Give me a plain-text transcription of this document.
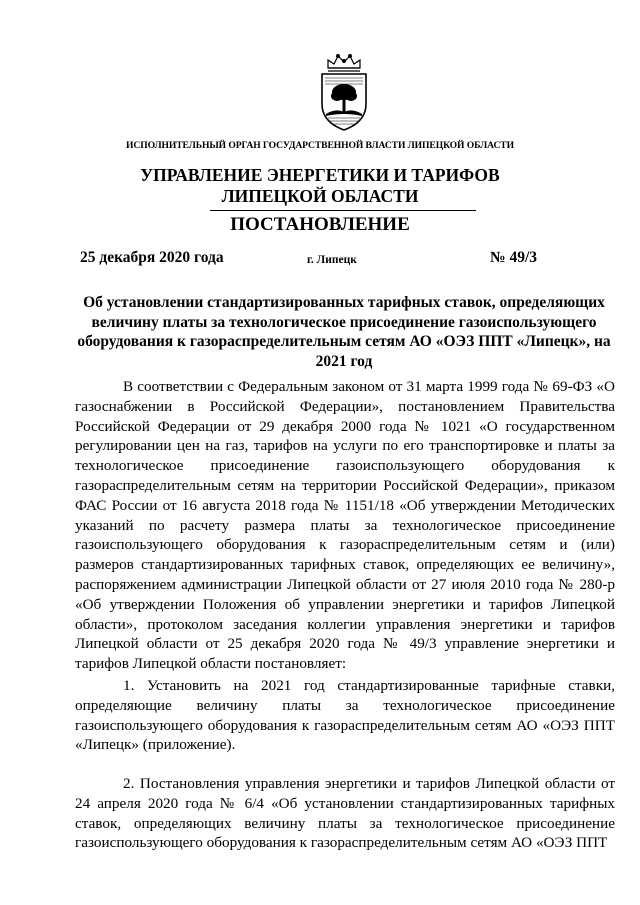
ИСПОЛНИТЕЛЬНЫЙ ОРГАН ГОСУДАРСТВЕННОЙ ВЛАСТИ ЛИПЕЦКОЙ ОБЛАСТИ
УПРАВЛЕНИЕ ЭНЕРГЕТИКИ И ТАРИФОВ
ЛИПЕЦКОЙ ОБЛАСТИ
ПОСТАНОВЛЕНИЕ
25 декабря 2020 года	г. Липецк	№ 49/3
Об установлении стандартизированных тарифных ставок, определяющих величину платы за технологическое присоединение газоиспользующего оборудования к газораспределительным сетям АО «ОЭЗ ППТ «Липецк», на 2021 год

В соответствии с Федеральным законом от 31 марта 1999 года № 69-ФЗ «О газоснабжении в Российской Федерации», постановлением Правительства Российской Федерации от 29 декабря 2000 года № 1021 «О государственном регулировании цен на газ, тарифов на услуги по его транспортировке и платы за технологическое присоединение газоиспользующего оборудования к газораспределительным сетям на территории Российской Федерации», приказом ФАС России от 16 августа 2018 года № 1151/18 «Об утверждении Методических указаний по расчету размера платы за технологическое присоединение газоиспользующего оборудования к газораспределительным сетям и (или) размеров стандартизированных тарифных ставок, определяющих ее величину», распоряжением администрации Липецкой области от 27 июля 2010 года № 280-р «Об утверждении Положения об управлении энергетики и тарифов Липецкой области», протоколом заседания коллегии управления энергетики и тарифов Липецкой области от 25 декабря 2020 года № 49/3 управление энергетики и тарифов Липецкой области постановляет:

1. Установить на 2021 год стандартизированные тарифные ставки, определяющие величину платы за технологическое присоединение газоиспользующего оборудования к газораспределительным сетям АО «ОЭЗ ППТ «Липецк» (приложение).

2. Постановления управления энергетики и тарифов Липецкой области от 24 апреля 2020 года № 6/4 «Об установлении стандартизированных тарифных ставок, определяющих величину платы за технологическое присоединение газоиспользующего оборудования к газораспределительным сетям АО «ОЭЗ ППТ
